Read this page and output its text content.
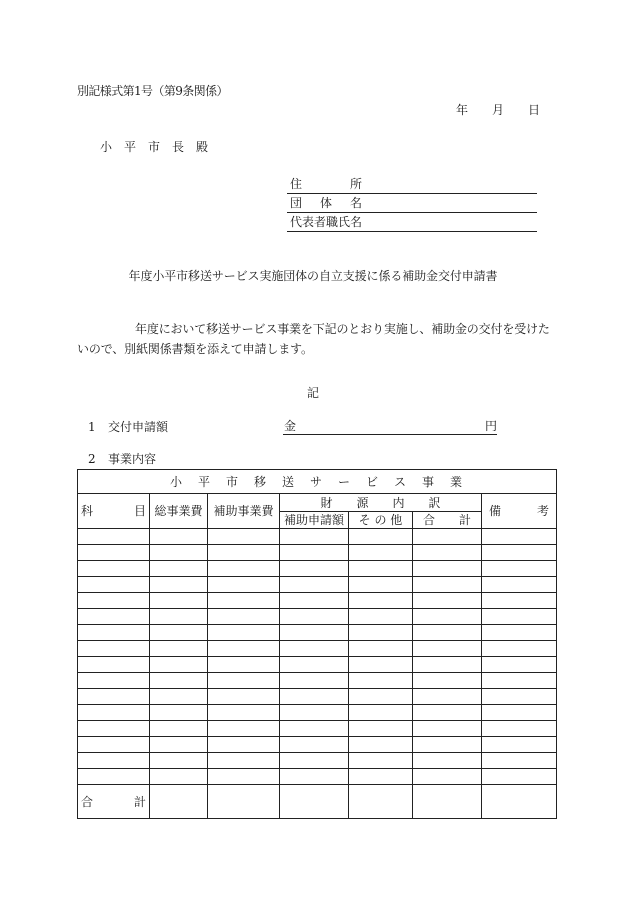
別記様式第1号（第9条関係）
年　　月　　日
小　平　市　長　殿
住　　　　所
団　体　名
代表者職氏名
年度小平市移送サービス実施団体の自立支援に係る補助金交付申請書
年度において移送サービス事業を下記のとおり実施し、補助金の交付を受けた
いので、別紙関係書類を添えて申請します。
記
1 交付申請額	金	円
2 事業内容
小　平　市　移　送　サ　ー　ビ　ス　事　業						

科　　　目	総事業費	補助事業費	財　　源　　内　　訳			備　　　考
			補助申請額	そ の 他	合　　計	

合　　　計						
